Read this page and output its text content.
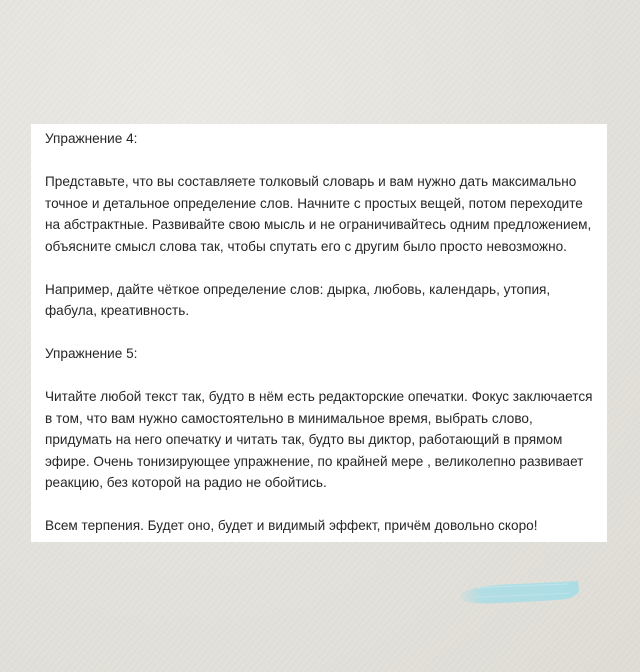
Упражнение 4:

Представьте, что вы составляете толковый словарь и вам нужно дать максимально точное и детальное определение слов. Начните с простых вещей, потом переходите на абстрактные. Развивайте свою мысль и не ограничивайтесь одним предложением, объясните смысл слова так, чтобы спутать его с другим было просто невозможно.

Например, дайте чёткое определение слов: дырка, любовь, календарь, утопия, фабула, креативность.

Упражнение 5:

Читайте любой текст так, будто в нём есть редакторские опечатки. Фокус заключается в том, что вам нужно самостоятельно в минимальное время, выбрать слово, придумать на него опечатку и читать так, будто вы диктор, работающий в прямом эфире. Очень тонизирующее упражнение, по крайней мере , великолепно развивает реакцию, без которой на радио не обойтись.

Всем терпения. Будет оно, будет и видимый эффект, причём довольно скоро!
